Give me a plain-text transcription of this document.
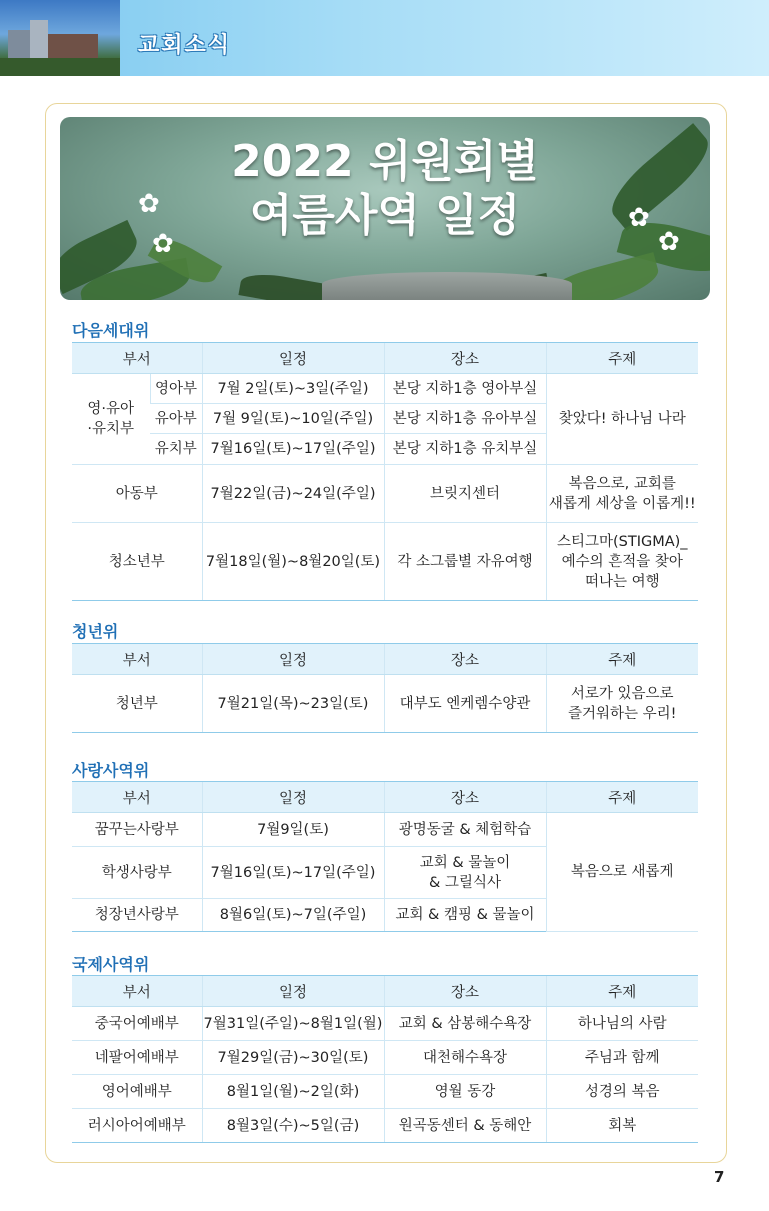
교회소식
✿
✿
✿
✿
2022 위원회별
여름사역 일정
다음세대위
부서		일정	장소	주제

영·유아
·유치부	영아부	7월 2일(토)~3일(주일)	본당 지하1층 영아부실	찾았다! 하나님 나라
	유아부	7월 9일(토)~10일(주일)	본당 지하1층 유아부실	
	유치부	7월16일(토)~17일(주일)	본당 지하1층 유치부실	
아동부		7월22일(금)~24일(주일)	브릿지센터	복음으로, 교회를
새롭게 세상을 이롭게!!

청소년부		7월18일(월)~8월20일(토)	각 소그룹별 자유여행	스티그마(STIGMA)_
예수의 흔적을 찾아
떠나는 여행
청년위
부서	일정	장소	주제
청년부	7월21일(목)~23일(토)	대부도 엔케렘수양관	서로가 있음으로
즐거워하는 우리!
사랑사역위
부서	일정	장소	주제
꿈꾸는사랑부	7월9일(토)	광명동굴 & 체험학습	복음으로 새롭게
학생사랑부	7월16일(토)~17일(주일)	교회 & 물놀이
& 그릴식사	

청장년사랑부	8월6일(토)~7일(주일)	교회 & 캠핑 & 물놀이	
국제사역위
부서	일정	장소	주제
중국어예배부	7월31일(주일)~8월1일(월)	교회 & 삼봉해수욕장	하나님의 사람
네팔어예배부	7월29일(금)~30일(토)	대천해수욕장	주님과 함께
영어예배부	8월1일(월)~2일(화)	영월 동강	성경의 복음
러시아어예배부	8월3일(수)~5일(금)	원곡동센터 & 동해안	회복
7
